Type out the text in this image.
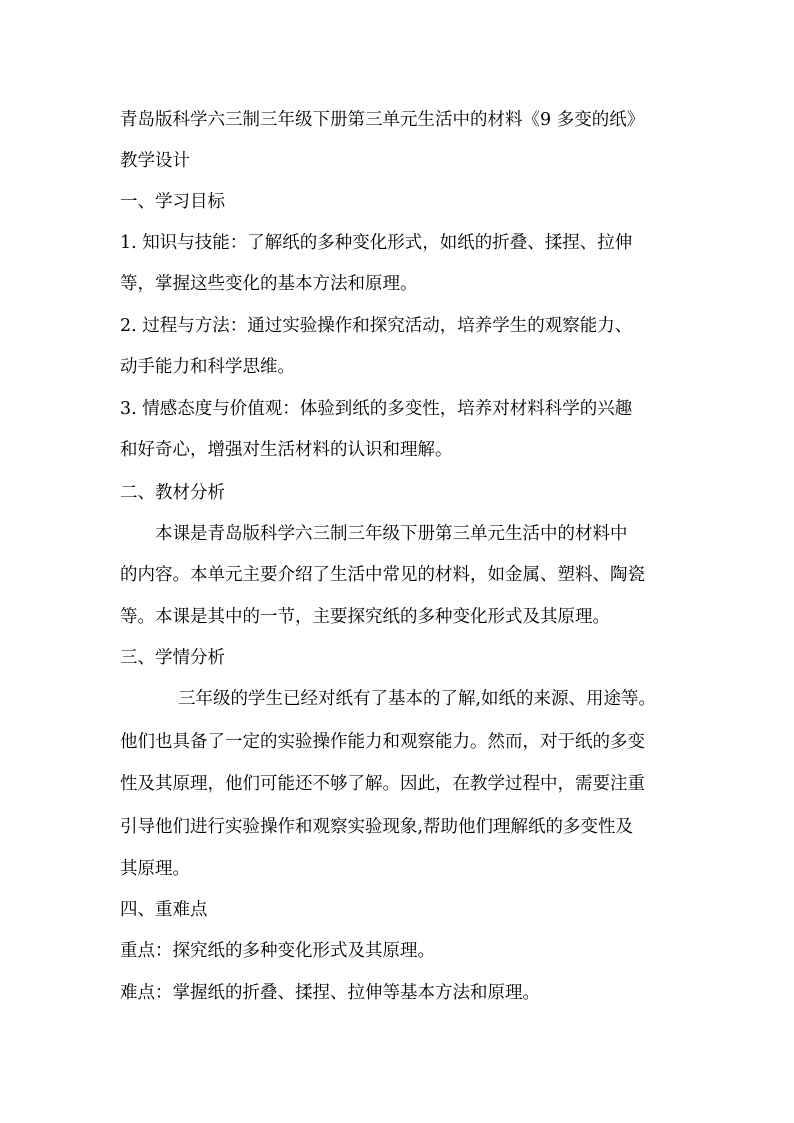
青岛版科学六三制三年级下册第三单元生活中的材料《9 多变的纸》
教学设计
一、学习目标
1. 知识与技能：了解纸的多种变化形式，如纸的折叠、揉捏、拉伸
等，掌握这些变化的基本方法和原理。
2. 过程与方法：通过实验操作和探究活动，培养学生的观察能力、
动手能力和科学思维。
3. 情感态度与价值观：体验到纸的多变性，培养对材料科学的兴趣
和好奇心，增强对生活材料的认识和理解。
二、教材分析
本课是青岛版科学六三制三年级下册第三单元生活中的材料中
的内容。本单元主要介绍了生活中常见的材料，如金属、塑料、陶瓷
等。本课是其中的一节，主要探究纸的多种变化形式及其原理。
三、学情分析
三年级的学生已经对纸有了基本的了解,如纸的来源、用途等。
他们也具备了一定的实验操作能力和观察能力。然而，对于纸的多变
性及其原理，他们可能还不够了解。因此，在教学过程中，需要注重
引导他们进行实验操作和观察实验现象,帮助他们理解纸的多变性及
其原理。
四、重难点
重点：探究纸的多种变化形式及其原理。
难点：掌握纸的折叠、揉捏、拉伸等基本方法和原理。
